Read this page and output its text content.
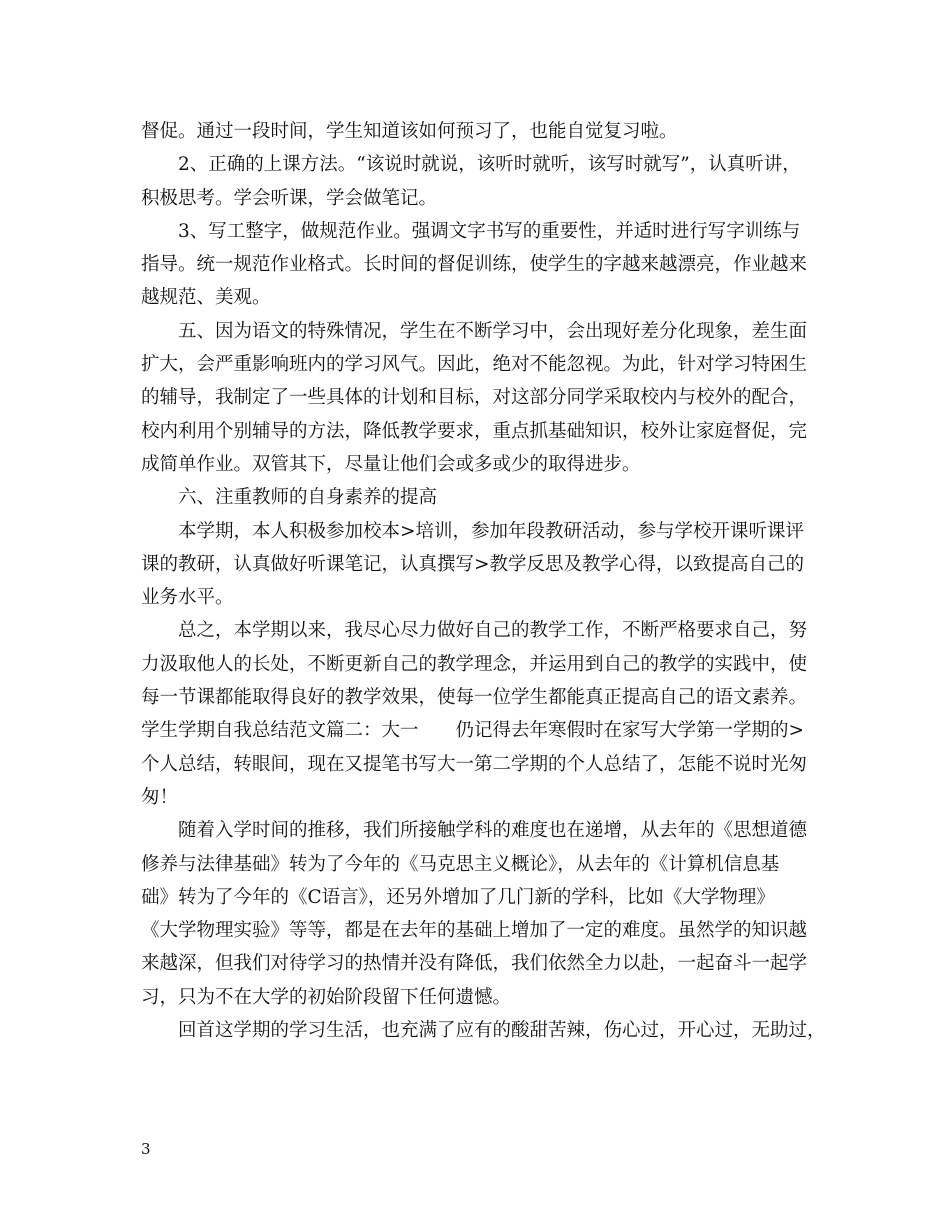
督促。通过一段时间，学生知道该如何预习了，也能自觉复习啦。

　　2、正确的上课方法。“该说时就说，该听时就听，该写时就写”，认真听讲，
积极思考。学会听课，学会做笔记。

　　3、写工整字，做规范作业。强调文字书写的重要性，并适时进行写字训练与
指导。统一规范作业格式。长时间的督促训练，使学生的字越来越漂亮，作业越来
越规范、美观。

　　五、因为语文的特殊情况，学生在不断学习中，会出现好差分化现象，差生面
扩大，会严重影响班内的学习风气。因此，绝对不能忽视。为此，针对学习特困生
的辅导，我制定了一些具体的计划和目标，对这部分同学采取校内与校外的配合，
校内利用个别辅导的方法，降低教学要求，重点抓基础知识，校外让家庭督促，完
成简单作业。双管其下，尽量让他们会或多或少的取得进步。

　　六、注重教师的自身素养的提高

　　本学期，本人积极参加校本>培训，参加年段教研活动，参与学校开课听课评
课的教研，认真做好听课笔记，认真撰写>教学反思及教学心得，以致提高自己的
业务水平。

　　总之，本学期以来，我尽心尽力做好自己的教学工作，不断严格要求自己，努
力汲取他人的长处，不断更新自己的教学理念，并运用到自己的教学的实践中，使
每一节课都能取得良好的教学效果，使每一位学生都能真正提高自己的语文素养。

学生学期自我总结范文篇二：大一　　仍记得去年寒假时在家写大学第一学期的>
个人总结，转眼间，现在又提笔书写大一第二学期的个人总结了，怎能不说时光匆
匆！

　　随着入学时间的推移，我们所接触学科的难度也在递增，从去年的《思想道德
修养与法律基础》转为了今年的《马克思主义概论》，从去年的《计算机信息基
础》转为了今年的《C语言》，还另外增加了几门新的学科，比如《大学物理》
《大学物理实验》等等，都是在去年的基础上增加了一定的难度。虽然学的知识越
来越深，但我们对待学习的热情并没有降低，我们依然全力以赴，一起奋斗一起学
习，只为不在大学的初始阶段留下任何遗憾。

　　回首这学期的学习生活，也充满了应有的酸甜苦辣，伤心过，开心过，无助过，

3
